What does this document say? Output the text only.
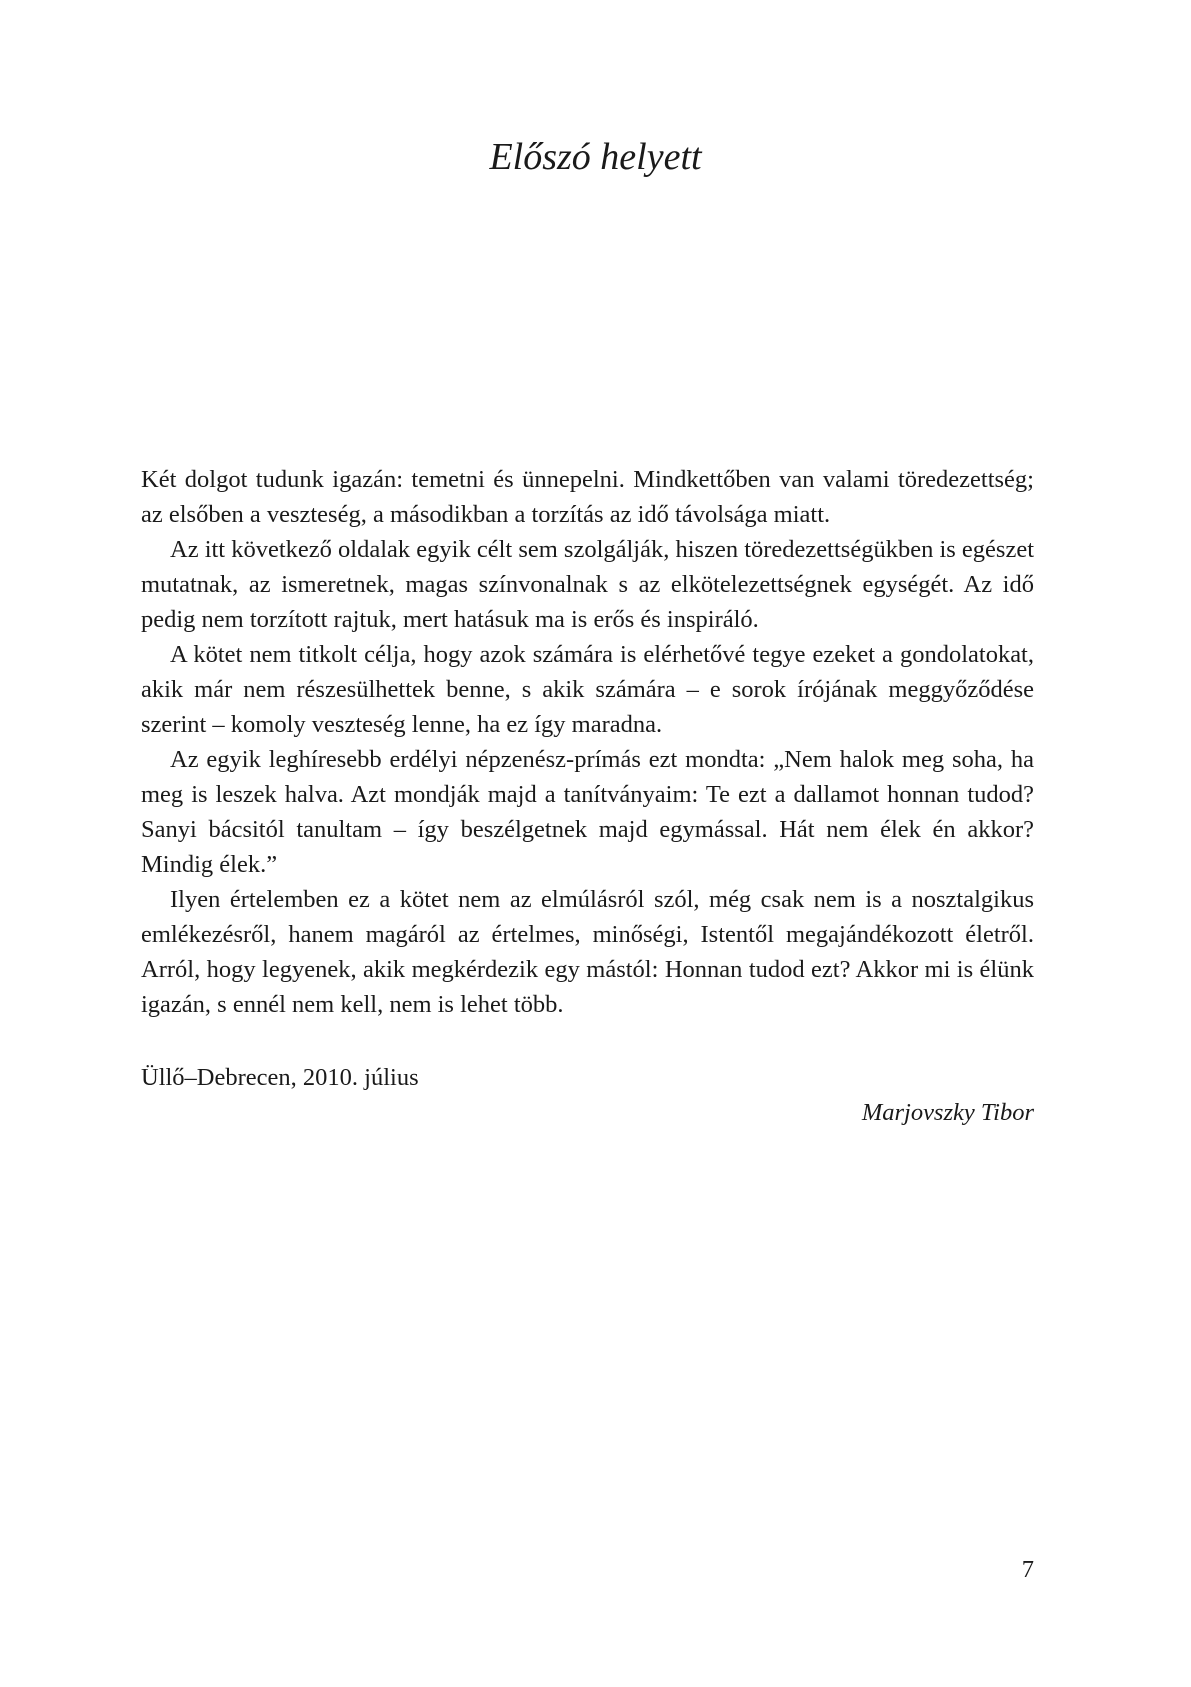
Előszó helyett

Két dolgot tudunk igazán: temetni és ünnepelni. Mindkettőben van valami töredezettség; az elsőben a veszteség, a másodikban a torzítás az idő távolsága miatt.

Az itt következő oldalak egyik célt sem szolgálják, hiszen töredezettségükben is egészet mutatnak, az ismeretnek, magas színvonalnak s az elkötelezettségnek egységét. Az idő pedig nem torzított rajtuk, mert hatásuk ma is erős és inspiráló.

A kötet nem titkolt célja, hogy azok számára is elérhetővé tegye ezeket a gondolatokat, akik már nem részesülhettek benne, s akik számára – e sorok írójának meggyőződése szerint – komoly veszteség lenne, ha ez így maradna.

Az egyik leghíresebb erdélyi népzenész-prímás ezt mondta: „Nem halok meg soha, ha meg is leszek halva. Azt mondják majd a tanítványaim: Te ezt a dallamot honnan tudod? Sanyi bácsitól tanultam – így beszélgetnek majd egymással. Hát nem élek én akkor? Mindig élek.”

Ilyen értelemben ez a kötet nem az elmúlásról szól, még csak nem is a nosztalgikus emlékezésről, hanem magáról az értelmes, minőségi, Istentől megajándékozott életről. Arról, hogy legyenek, akik megkérdezik egy mástól: Honnan tudod ezt? Akkor mi is élünk igazán, s ennél nem kell, nem is lehet több.

Üllő–Debrecen, 2010. július
Marjovszky Tibor
7
